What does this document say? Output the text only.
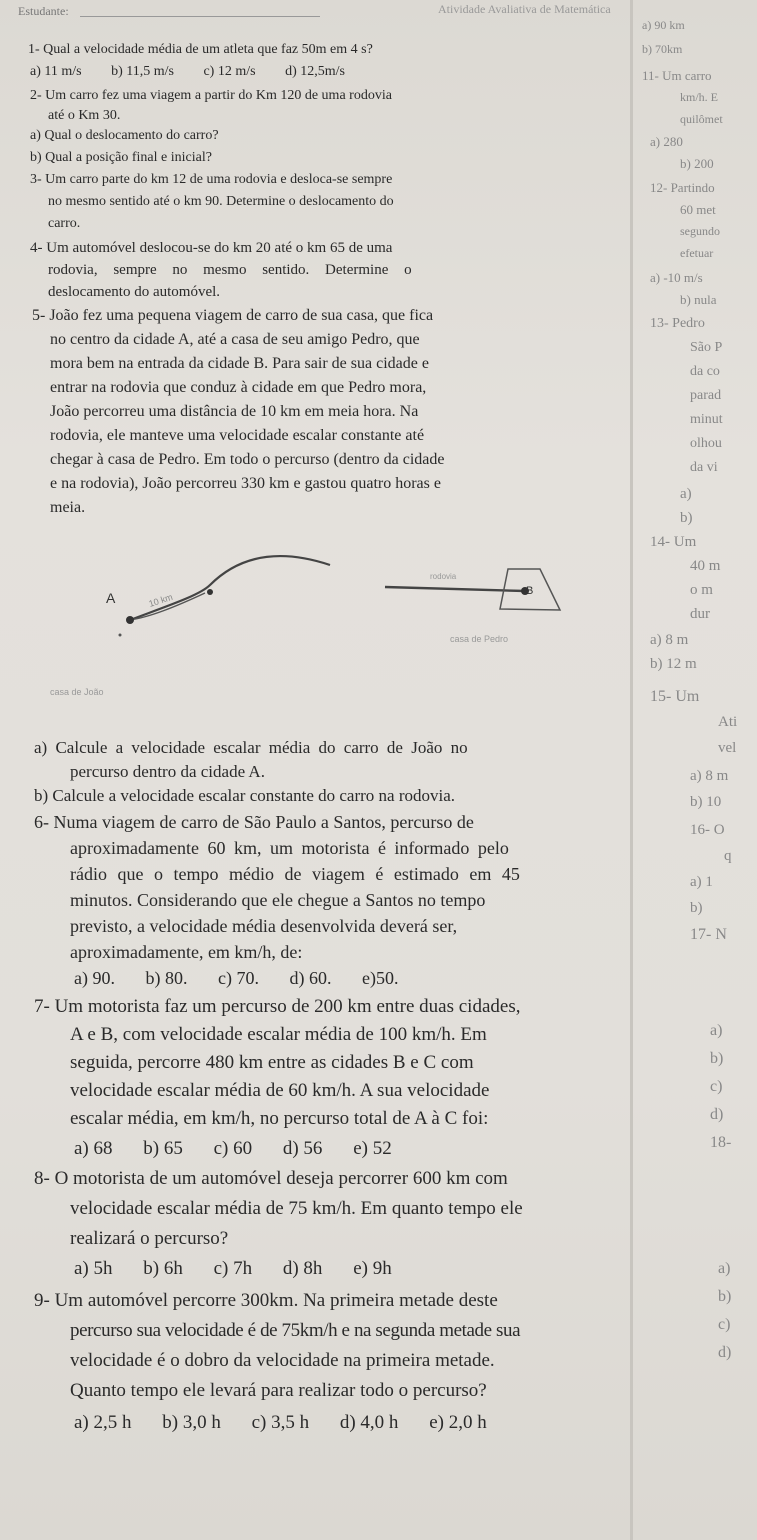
Estudante:	Atividade Avaliativa de Matemática
1- Qual a velocidade média de um atleta que faz 50m em 4 s?
a) 11 m/s b) 11,5 m/s c) 12 m/s d) 12,5m/s
2- Um carro fez uma viagem a partir do Km 120 de uma rodovia
até o Km 30.
a) Qual o deslocamento do carro?
b) Qual a posição final e inicial?
3- Um carro parte do km 12 de uma rodovia e desloca-se sempre
no mesmo sentido até o km 90. Determine o deslocamento do
carro.
4- Um automóvel deslocou-se do km 20 até o km 65 de uma
rodovia, sempre no mesmo sentido. Determine o
deslocamento do automóvel.
5- João fez uma pequena viagem de carro de sua casa, que fica
no centro da cidade A, até a casa de seu amigo Pedro, que
mora bem na entrada da cidade B. Para sair de sua cidade e
entrar na rodovia que conduz à cidade em que Pedro mora,
João percorreu uma distância de 10 km em meia hora. Na
rodovia, ele manteve uma velocidade escalar constante até
chegar à casa de Pedro. Em todo o percurso (dentro da cidade
e na rodovia), João percorreu 330 km e gastou quatro horas e
meia.
A	B
10 km
rodovia
casa de Pedro
casa de João
a) Calcule a velocidade escalar média do carro de João no
percurso dentro da cidade A.
b) Calcule a velocidade escalar constante do carro na rodovia.
6- Numa viagem de carro de São Paulo a Santos, percurso de
aproximadamente 60 km, um motorista é informado pelo
rádio que o tempo médio de viagem é estimado em 45
minutos. Considerando que ele chegue a Santos no tempo
previsto, a velocidade média desenvolvida deverá ser,
aproximadamente, em km/h, de:
a) 90. b) 80. c) 70. d) 60. e)50.
7- Um motorista faz um percurso de 200 km entre duas cidades,
A e B, com velocidade escalar média de 100 km/h. Em
seguida, percorre 480 km entre as cidades B e C com
velocidade escalar média de 60 km/h. A sua velocidade
escalar média, em km/h, no percurso total de A à C foi:
a) 68 b) 65 c) 60 d) 56 e) 52
8- O motorista de um automóvel deseja percorrer 600 km com
velocidade escalar média de 75 km/h. Em quanto tempo ele
realizará o percurso?
a) 5h b) 6h c) 7h d) 8h e) 9h
9- Um automóvel percorre 300km. Na primeira metade deste
percurso sua velocidade é de 75km/h e na segunda metade sua
velocidade é o dobro da velocidade na primeira metade.
Quanto tempo ele levará para realizar todo o percurso?
a) 2,5 h b) 3,0 h c) 3,5 h d) 4,0 h e) 2,0 h
a) 90 km
b) 70km
11- Um carro
km/h. E
quilômet
a) 280
b) 200
12- Partindo
60 met
segundo
efetuar
a) -10 m/s
b) nula
13- Pedro
São P
da co
parad
minut
olhou
da vi
a)
b)
14- Um
40 m
o m
dur
a) 8 m
b) 12 m
15- Um
Ati
vel
a) 8 m
b) 10
16- O
q
a) 1
b)
17- N
a)
b)
c)
d)
18-
a)
b)
c)
d)
